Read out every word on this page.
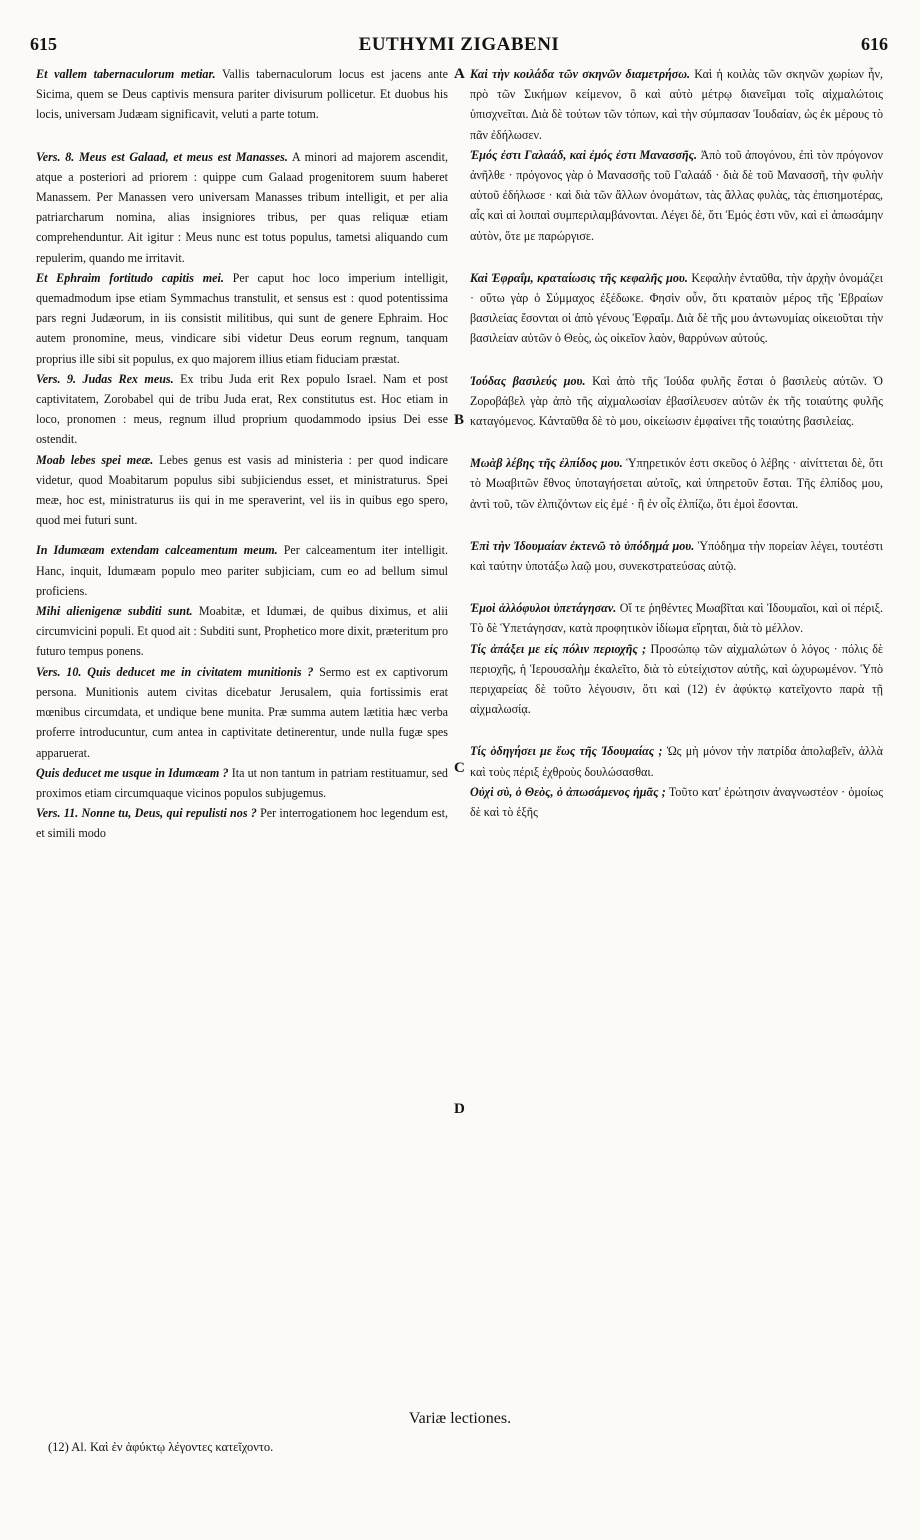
615	EUTHYMI ZIGABENI	616

Et vallem tabernaculorum metiar. Vallis tabernaculorum locus est jacens ante Sicima, quem se Deus captivis mensura pariter divisurum pollicetur. Et duobus his locis, universam Judæam significavit, veluti a parte totum.

Vers. 8. Meus est Galaad, et meus est Manasses. A minori ad majorem ascendit, atque a posteriori ad priorem : quippe cum Galaad progenitorem suum haberet Manassem. Per Manassen vero universam Manasses tribum intelligit, et per alia patriarcharum nomina, alias insigniores tribus, per quas reliquæ etiam comprehenduntur. Ait igitur : Meus nunc est totus populus, tametsi aliquando cum repulerim, quando me irritavit.

Et Ephraim fortitudo capitis mei. Per caput hoc loco imperium intelligit, quemadmodum ipse etiam Symmachus transtulit, et sensus est : quod potentissima pars regni Judæorum, in iis consistit militibus, qui sunt de genere Ephraim. Hoc autem pronomine, meus, vindicare sibi videtur Deus eorum regnum, tanquam proprius ille sibi sit populus, ex quo majorem illius etiam fiduciam præstat.

Vers. 9. Judas Rex meus. Ex tribu Juda erit Rex populo Israel. Nam et post captivitatem, Zorobabel qui de tribu Juda erat, Rex constitutus est. Hoc etiam in loco, pronomen : meus, regnum illud proprium quodammodo ipsius Dei esse ostendit.

Moab lebes spei meæ. Lebes genus est vasis ad ministeria : per quod indicare videtur, quod Moabitarum populus sibi subjiciendus esset, et ministraturus. Spei meæ, hoc est, ministraturus iis qui in me speraverint, vel iis in quibus ego spero, quod mei futuri sunt.

In Idumæam extendam calceamentum meum. Per calceamentum iter intelligit. Hanc, inquit, Idumæam populo meo pariter subjiciam, cum eo ad bellum simul proficiens.

Mihi alienigenæ subditi sunt. Moabitæ, et Idumæi, de quibus diximus, et alii circumvicini populi. Et quod ait : Subditi sunt, Prophetico more dixit, præteritum pro futuro tempus ponens.

Vers. 10. Quis deducet me in civitatem munitionis ? Sermo est ex captivorum persona. Munitionis autem civitas dicebatur Jerusalem, quia fortissimis erat mœnibus circumdata, et undique bene munita. Præ summa autem lætitia hæc verba proferre introducuntur, cum antea in captivitate detinerentur, unde nulla fugæ spes apparuerat.

Quis deducet me usque in Idumæam ? Ita ut non tantum in patriam restituamur, sed proximos etiam circumquaque vicinos populos subjugemus.

Vers. 11. Nonne tu, Deus, qui repulisti nos ? Per interrogationem hoc legendum est, et simili modo

A
B
C
D

Καὶ τὴν κοιλάδα τῶν σκηνῶν διαμετρήσω. Καὶ ἡ κοιλὰς τῶν σκηνῶν χωρίων ἦν, πρὸ τῶν Σικήμων κείμενον, ὃ καὶ αὐτὸ μέτρῳ διανεῖμαι τοῖς αἰχμαλώτοις ὑπισχνεῖται. Διὰ δὲ τούτων τῶν τόπων, καὶ τὴν σύμπασαν Ἰουδαίαν, ὡς ἐκ μέρους τὸ πᾶν ἐδήλωσεν.

Ἐμός ἐστι Γαλαάδ, καὶ ἐμός ἐστι Μανασσῆς. Ἀπὸ τοῦ ἀπογόνου, ἐπὶ τὸν πρόγονον ἀνῆλθε · πρόγονος γὰρ ὁ Μανασσῆς τοῦ Γαλαάδ · διὰ δὲ τοῦ Μανασσῆ, τὴν φυλὴν αὐτοῦ ἐδήλωσε · καὶ διὰ τῶν ἄλλων ὀνομάτων, τὰς ἄλλας φυλὰς, τὰς ἐπισημοτέρας, αἷς καὶ αἱ λοιπαὶ συμπεριλαμβάνονται. Λέγει δὲ, ὅτι Ἐμός ἐστι νῦν, καὶ εἰ ἀπωσάμην αὐτὸν, ὅτε με παρώργισε.

Καὶ Ἐφραΐμ, κραταίωσις τῆς κεφαλῆς μου. Κεφαλὴν ἐνταῦθα, τὴν ἀρχὴν ὀνομάζει · οὕτω γὰρ ὁ Σύμμαχος ἐξέδωκε. Φησὶν οὖν, ὅτι κραταιὸν μέρος τῆς Ἑβραίων βασιλείας ἔσονται οἱ ἀπὸ γένους Ἐφραΐμ. Διὰ δὲ τῆς μου ἀντωνυμίας οἰκειοῦται τὴν βασιλείαν αὐτῶν ὁ Θεὸς, ὡς οἰκεῖον λαὸν, θαρρύνων αὐτούς.

Ἰούδας βασιλεύς μου. Καὶ ἀπὸ τῆς Ἰούδα φυλῆς ἔσται ὁ βασιλεὺς αὐτῶν. Ὁ Ζοροβάβελ γὰρ ἀπὸ τῆς αἰχμαλωσίαν ἐβασίλευσεν αὐτῶν ἐκ τῆς τοιαύτης φυλῆς καταγόμενος. Κἀνταῦθα δὲ τὸ μου, οἰκείωσιν ἐμφαίνει τῆς τοιαύτης βασιλείας.

Μωὰβ λέβης τῆς ἐλπίδος μου. Ὑπηρετικόν ἐστι σκεῦος ὁ λέβης · αἰνίττεται δὲ, ὅτι τὸ Μωαβιτῶν ἔθνος ὑποταγήσεται αὐτοῖς, καὶ ὑπηρετοῦν ἔσται. Τῆς ἐλπίδος μου, ἀντὶ τοῦ, τῶν ἐλπιζόντων εἰς ἐμέ · ἢ ἐν οἷς ἐλπίζω, ὅτι ἐμοὶ ἔσονται.

Ἐπὶ τὴν Ἰδουμαίαν ἐκτενῶ τὸ ὑπόδημά μου. Ὑπόδημα τὴν πορείαν λέγει, τουτέστι καὶ ταύτην ὑποτάξω λαῷ μου, συνεκστρατεύσας αὐτῷ.

Ἐμοὶ ἀλλόφυλοι ὑπετάγησαν. Οἵ τε ῥηθέντες Μωαβῖται καὶ Ἰδουμαῖοι, καὶ οἱ πέριξ. Τὸ δὲ Ὑπετάγησαν, κατὰ προφητικὸν ἰδίωμα εἴρηται, διὰ τὸ μέλλον.

Τίς ἀπάξει με εἰς πόλιν περιοχῆς ; Προσώπῳ τῶν αἰχμαλώτων ὁ λόγος · πόλις δὲ περιοχῆς, ἡ Ἱερουσαλὴμ ἐκαλεῖτο, διὰ τὸ εὐτείχιστον αὐτῆς, καὶ ὠχυρωμένον. Ὑπὸ περιχαρείας δὲ τοῦτο λέγουσιν, ὅτι καὶ (12) ἐν ἀφύκτῳ κατεῖχοντο παρὰ τῇ αἰχμαλωσίᾳ.

Τίς ὁδηγήσει με ἕως τῆς Ἰδουμαίας ; Ὡς μὴ μόνον τὴν πατρίδα ἀπολαβεῖν, ἀλλὰ καὶ τοὺς πέριξ ἐχθροὺς δουλώσασθαι.

Οὐχὶ σὺ, ὁ Θεὸς, ὁ ἀπωσάμενος ἡμᾶς ; Τοῦτο κατ' ἐρώτησιν ἀναγνωστέον · ὁμοίως δὲ καὶ τὸ ἑξῆς

Variæ lectiones.
(12) Al. Καὶ ἐν ἀφύκτῳ λέγοντες κατεῖχοντο.
